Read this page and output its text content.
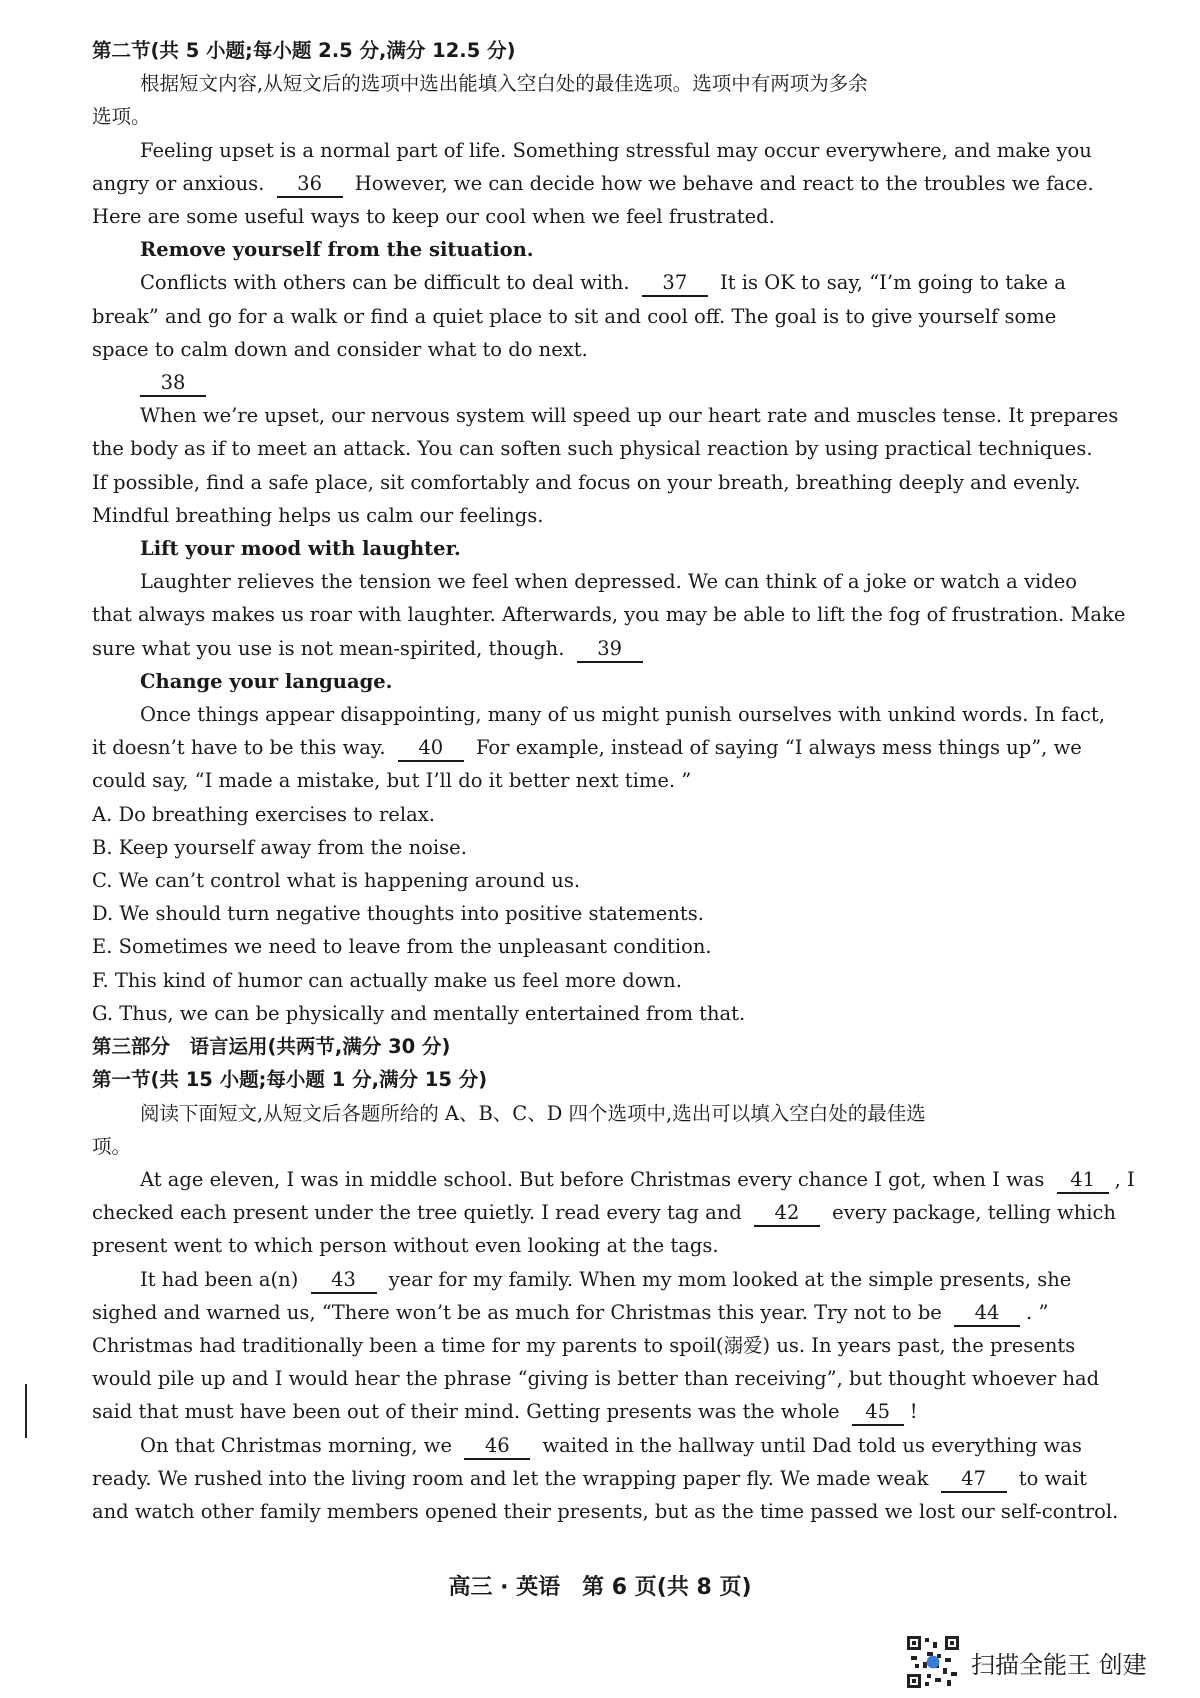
第二节(共 5 小题;每小题 2.5 分,满分 12.5 分)
根据短文内容,从短文后的选项中选出能填入空白处的最佳选项。选项中有两项为多余
选项。
Feeling upset is a normal part of life. Something stressful may occur everywhere, and make you
angry or anxious. 36 However, we can decide how we behave and react to the troubles we face.
Here are some useful ways to keep our cool when we feel frustrated.
Remove yourself from the situation.
Conflicts with others can be difficult to deal with. 37 It is OK to say, “I’m going to take a
break” and go for a walk or find a quiet place to sit and cool off. The goal is to give yourself some
space to calm down and consider what to do next.
38
When we’re upset, our nervous system will speed up our heart rate and muscles tense. It prepares
the body as if to meet an attack. You can soften such physical reaction by using practical techniques.
If possible, find a safe place, sit comfortably and focus on your breath, breathing deeply and evenly.
Mindful breathing helps us calm our feelings.
Lift your mood with laughter.
Laughter relieves the tension we feel when depressed. We can think of a joke or watch a video
that always makes us roar with laughter. Afterwards, you may be able to lift the fog of frustration. Make
sure what you use is not mean-spirited, though. 39
Change your language.
Once things appear disappointing, many of us might punish ourselves with unkind words. In fact,
it doesn’t have to be this way. 40 For example, instead of saying “I always mess things up”, we
could say, “I made a mistake, but I’ll do it better next time. ”
A. Do breathing exercises to relax.
B. Keep yourself away from the noise.
C. We can’t control what is happening around us.
D. We should turn negative thoughts into positive statements.
E. Sometimes we need to leave from the unpleasant condition.
F. This kind of humor can actually make us feel more down.
G. Thus, we can be physically and mentally entertained from that.
第三部分　语言运用(共两节,满分 30 分)
第一节(共 15 小题;每小题 1 分,满分 15 分)
阅读下面短文,从短文后各题所给的 A、B、C、D 四个选项中,选出可以填入空白处的最佳选
项。
At age eleven, I was in middle school. But before Christmas every chance I got, when I was 41 , I
checked each present under the tree quietly. I read every tag and 42 every package, telling which
present went to which person without even looking at the tags.
It had been a(n) 43 year for my family. When my mom looked at the simple presents, she
sighed and warned us, “There won’t be as much for Christmas this year. Try not to be 44 . ”
Christmas had traditionally been a time for my parents to spoil(溺爱) us. In years past, the presents
would pile up and I would hear the phrase “giving is better than receiving”, but thought whoever had
said that must have been out of their mind. Getting presents was the whole 45 !
On that Christmas morning, we 46 waited in the hallway until Dad told us everything was
ready. We rushed into the living room and let the wrapping paper fly. We made weak 47 to wait
and watch other family members opened their presents, but as the time passed we lost our self-control.
高三 · 英语　第 6 页(共 8 页)
扫描全能王 创建
